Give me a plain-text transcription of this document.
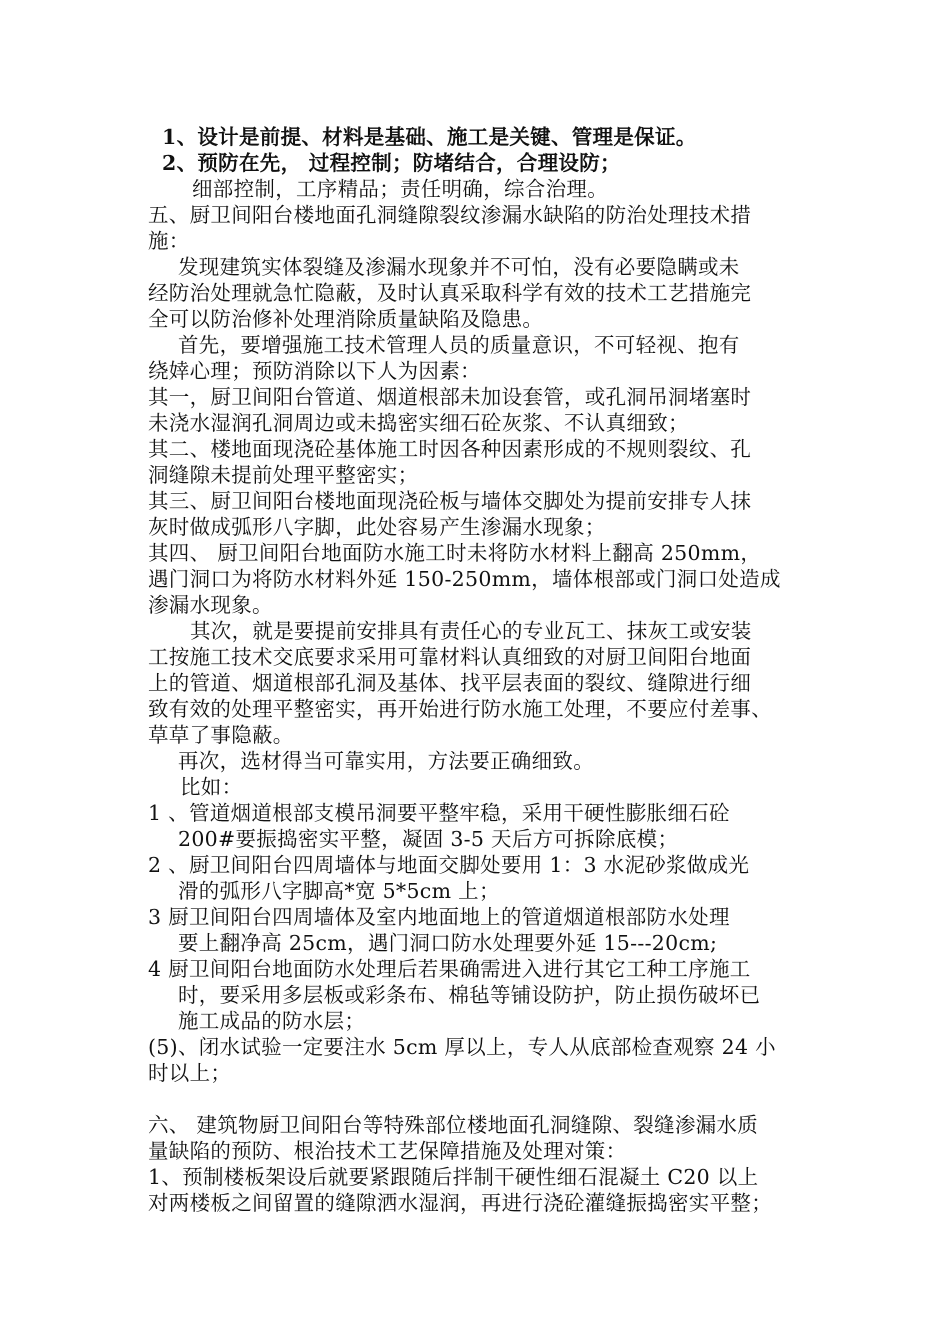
1、设计是前提、材料是基础、施工是关键、管理是保证。
2、预防在先， 过程控制；防堵结合，合理设防；
细部控制，工序精品；责任明确，综合治理。
五、厨卫间阳台楼地面孔洞缝隙裂纹渗漏水缺陷的防治处理技术措
施：
发现建筑实体裂缝及渗漏水现象并不可怕，没有必要隐瞒或未
经防治处理就急忙隐蔽，及时认真采取科学有效的技术工艺措施完
全可以防治修补处理消除质量缺陷及隐患。
首先，要增强施工技术管理人员的质量意识，不可轻视、抱有
绕婞心理；预防消除以下人为因素：
其一，厨卫间阳台管道、烟道根部未加设套管，或孔洞吊洞堵塞时
未浇水湿润孔洞周边或未捣密实细石砼灰浆、不认真细致；
其二、楼地面现浇砼基体施工时因各种因素形成的不规则裂纹、孔
洞缝隙未提前处理平整密实；
其三、厨卫间阳台楼地面现浇砼板与墙体交脚处为提前安排专人抹
灰时做成弧形八字脚，此处容易产生渗漏水现象；
其四、 厨卫间阳台地面防水施工时未将防水材料上翻高 250mm，
遇门洞口为将防水材料外延 150-250mm，墙体根部或门洞口处造成
渗漏水现象。
其次，就是要提前安排具有责任心的专业瓦工、抹灰工或安装
工按施工技术交底要求采用可靠材料认真细致的对厨卫间阳台地面
上的管道、烟道根部孔洞及基体、找平层表面的裂纹、缝隙进行细
致有效的处理平整密实，再开始进行防水施工处理，不要应付差事、
草草了事隐蔽。
再次，选材得当可靠实用，方法要正确细致。
比如：
1 、管道烟道根部支模吊洞要平整牢稳，采用干硬性膨胀细石砼
200#要振捣密实平整，凝固 3-5 天后方可拆除底模；
2 、厨卫间阳台四周墙体与地面交脚处要用 1：3 水泥砂浆做成光
滑的弧形八字脚高*宽 5*5cm 上；
3 厨卫间阳台四周墙体及室内地面地上的管道烟道根部防水处理
要上翻净高 25cm，遇门洞口防水处理要外延 15---20cm;
4 厨卫间阳台地面防水处理后若果确需进入进行其它工种工序施工
时，要采用多层板或彩条布、棉毡等铺设防护，防止损伤破坏已
施工成品的防水层；
(5)、闭水试验一定要注水 5cm 厚以上，专人从底部检查观察 24 小
时以上；
六、 建筑物厨卫间阳台等特殊部位楼地面孔洞缝隙、裂缝渗漏水质
量缺陷的预防、根治技术工艺保障措施及处理对策：
1、预制楼板架设后就要紧跟随后拌制干硬性细石混凝土 C20 以上
对两楼板之间留置的缝隙洒水湿润，再进行浇砼灌缝振捣密实平整；
